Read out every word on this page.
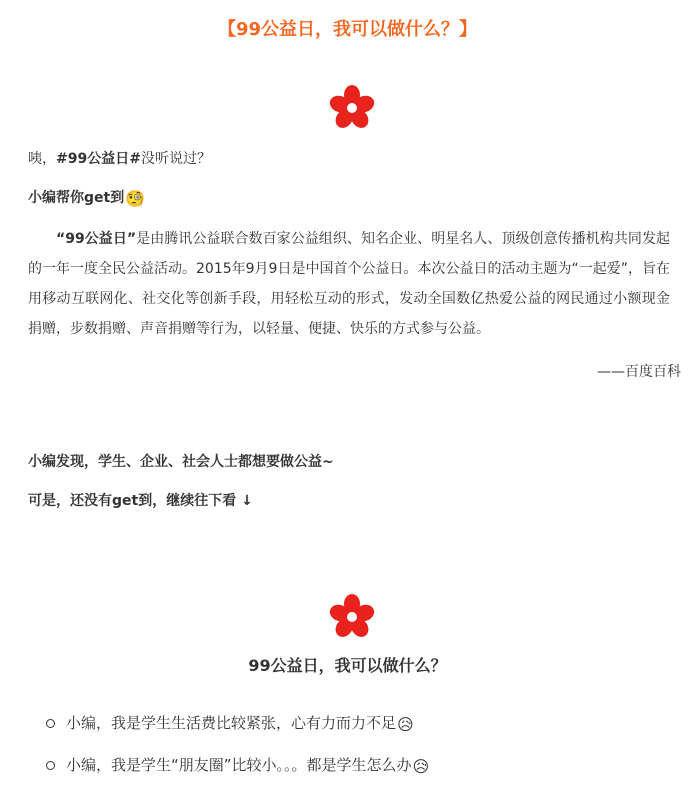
【99公益日，我可以做什么？】
咦，#99公益日#没听说过？
小编帮你get到🧐
“99公益日”是由腾讯公益联合数百家公益组织、知名企业、明星名人、顶级创意传播机构共同发起的一年一度全民公益活动。2015年9月9日是中国首个公益日。本次公益日的活动主题为“一起爱”，旨在用移动互联网化、社交化等创新手段，用轻松互动的形式，发动全国数亿热爱公益的网民通过小额现金捐赠，步数捐赠、声音捐赠等行为，以轻量、便捷、快乐的方式参与公益。
——百度百科
小编发现，学生、企业、社会人士都想要做公益~
可是，还没有get到，继续往下看 ↓
99公益日，我可以做什么？
小编，我是学生生活费比较紧张，心有力而力不足😥
小编，我是学生“朋友圈”比较小。。。都是学生怎么办😥
